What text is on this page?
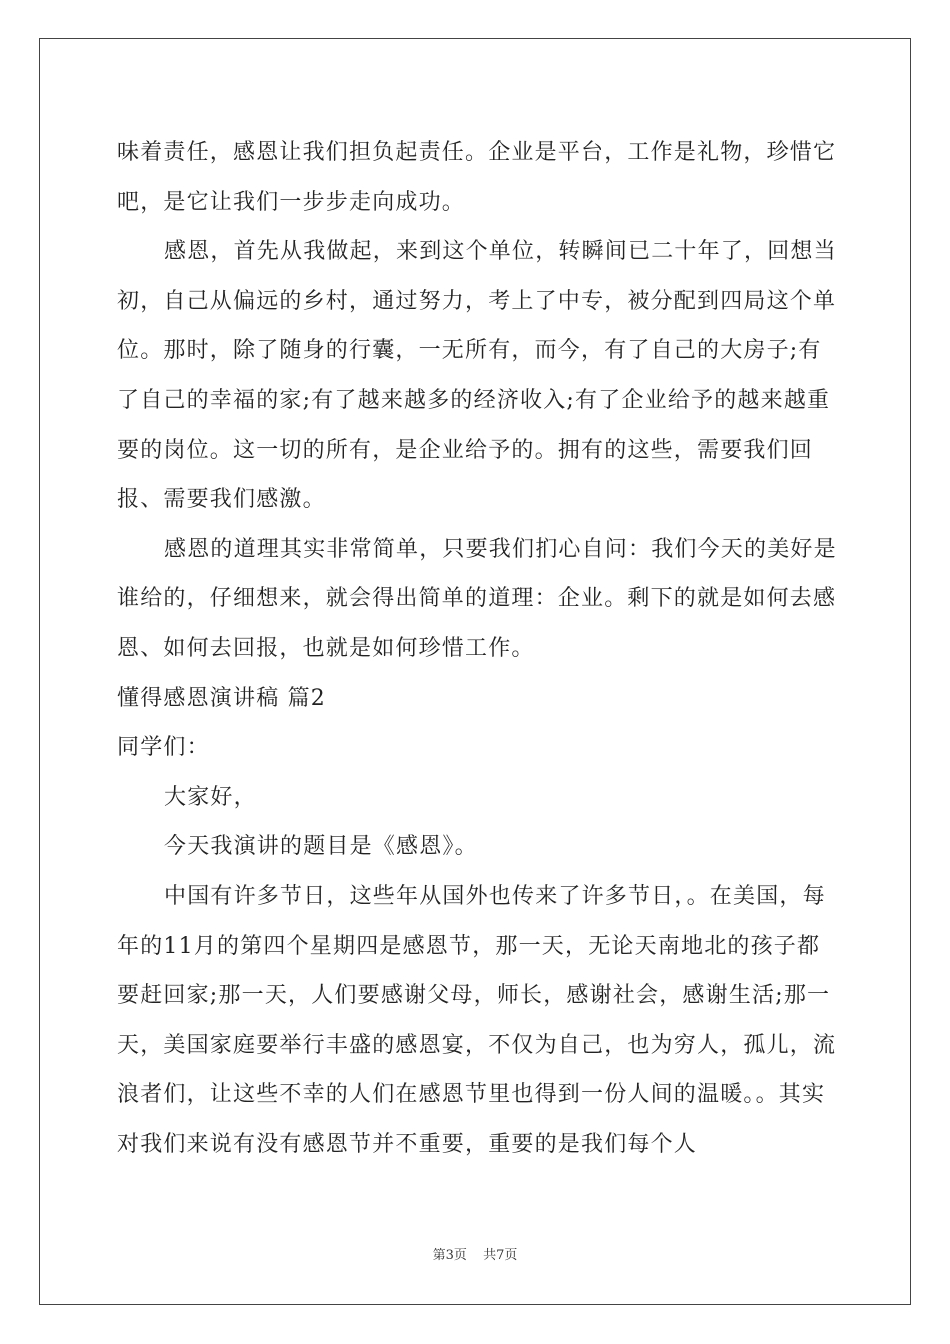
味着责任，感恩让我们担负起责任。企业是平台，工作是礼物，珍惜它吧，是它让我们一步步走向成功。

感恩，首先从我做起，来到这个单位，转瞬间已二十年了，回想当初，自己从偏远的乡村，通过努力，考上了中专，被分配到四局这个单位。那时，除了随身的行囊，一无所有，而今，有了自己的大房子;有了自己的幸福的家;有了越来越多的经济收入;有了企业给予的越来越重要的岗位。这一切的所有，是企业给予的。拥有的这些，需要我们回报、需要我们感激。

感恩的道理其实非常简单，只要我们扪心自问：我们今天的美好是谁给的，仔细想来，就会得出简单的道理：企业。剩下的就是如何去感恩、如何去回报，也就是如何珍惜工作。

懂得感恩演讲稿 篇2

同学们：

大家好，

今天我演讲的题目是《感恩》。

中国有许多节日，这些年从国外也传来了许多节日，。在美国，每年的11月的第四个星期四是感恩节，那一天，无论天南地北的孩子都要赶回家;那一天，人们要感谢父母，师长，感谢社会，感谢生活;那一天，美国家庭要举行丰盛的感恩宴，不仅为自己，也为穷人，孤儿，流浪者们，让这些不幸的人们在感恩节里也得到一份人间的温暖。。其实对我们来说有没有感恩节并不重要，重要的是我们每个人

第3页 共7页
